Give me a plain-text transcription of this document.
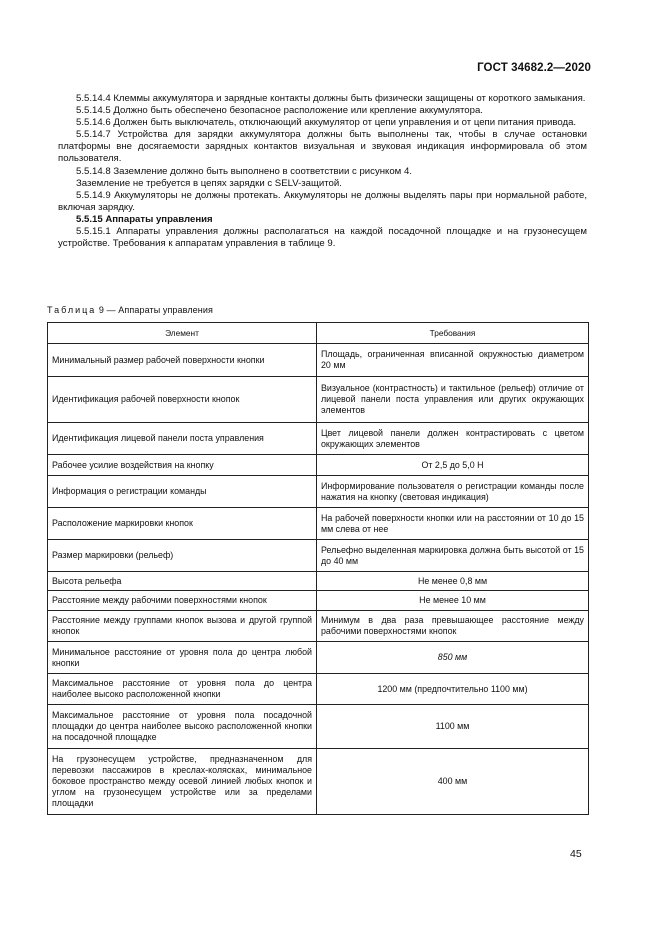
ГОСТ 34682.2—2020

5.5.14.4 Клеммы аккумулятора и зарядные контакты должны быть физически защищены от короткого замыкания.

5.5.14.5 Должно быть обеспечено безопасное расположение или крепление аккумулятора.

5.5.14.6 Должен быть выключатель, отключающий аккумулятор от цепи управления и от цепи питания привода.

5.5.14.7 Устройства для зарядки аккумулятора должны быть выполнены так, чтобы в случае остановки платформы вне досягаемости зарядных контактов визуальная и звуковая индикация информировала об этом пользователя.

5.5.14.8 Заземление должно быть выполнено в соответствии с рисунком 4.

Заземление не требуется в цепях зарядки с SELV-защитой.

5.5.14.9 Аккумуляторы не должны протекать. Аккумуляторы не должны выделять пары при нормальной работе, включая зарядку.

5.5.15 Аппараты управления

5.5.15.1 Аппараты управления должны располагаться на каждой посадочной площадке и на грузонесущем устройстве. Требования к аппаратам управления в таблице 9.

Таблица 9 — Аппараты управления
Элемент	Требования
Минимальный размер рабочей поверхности кнопки	Площадь, ограниченная вписанной окружностью диаметром 20 мм
Идентификация рабочей поверхности кнопок	Визуальное (контрастность) и тактильное (рельеф) отличие от лицевой панели поста управления или других окружающих элементов
Идентификация лицевой панели поста управления	Цвет лицевой панели должен контрастировать с цветом окружающих элементов
Рабочее усилие воздействия на кнопку	От 2,5 до 5,0 Н
Информация о регистрации команды	Информирование пользователя о регистрации команды после нажатия на кнопку (световая индикация)
Расположение маркировки кнопок	На рабочей поверхности кнопки или на расстоянии от 10 до 15 мм слева от нее
Размер маркировки (рельеф)	Рельефно выделенная маркировка должна быть высотой от 15 до 40 мм
Высота рельефа	Не менее 0,8 мм
Расстояние между рабочими поверхностями кнопок	Не менее 10 мм
Расстояние между группами кнопок вызова и другой группой кнопок	Минимум в два раза превышающее расстояние между рабочими поверхностями кнопок
Минимальное расстояние от уровня пола до центра любой кнопки	850 мм
Максимальное расстояние от уровня пола до центра наиболее высоко расположенной кнопки	1200 мм (предпочтительно 1100 мм)
Максимальное расстояние от уровня пола посадочной площадки до центра наиболее высоко расположенной кнопки на посадочной площадке	1100 мм
На грузонесущем устройстве, предназначенном для перевозки пассажиров в креслах-колясках, минимальное боковое пространство между осевой линией любых кнопок и углом на грузонесущем устройстве или за пределами площадки	400 мм
45
